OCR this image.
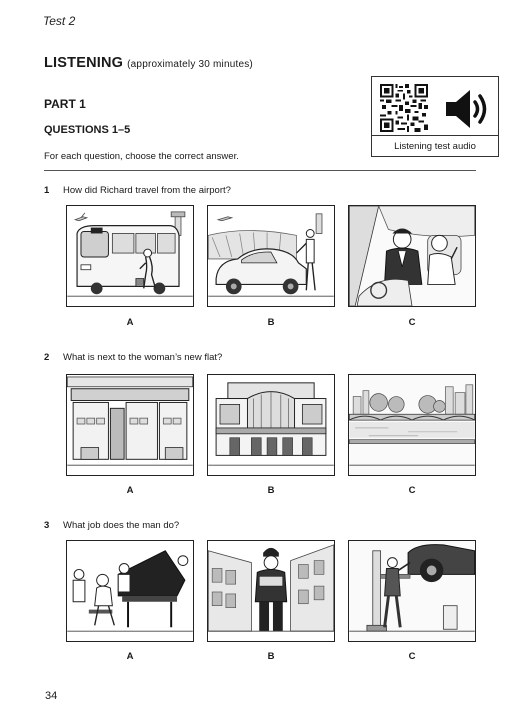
Test 2
LISTENING (approximately 30 minutes)
PART 1
QUESTIONS 1–5
For each question, choose the correct answer.
Listening test audio
1 How did Richard travel from the airport?
A	B	C
2 What is next to the woman’s new flat?
A	B	C
3 What job does the man do?
A	B	C
34
